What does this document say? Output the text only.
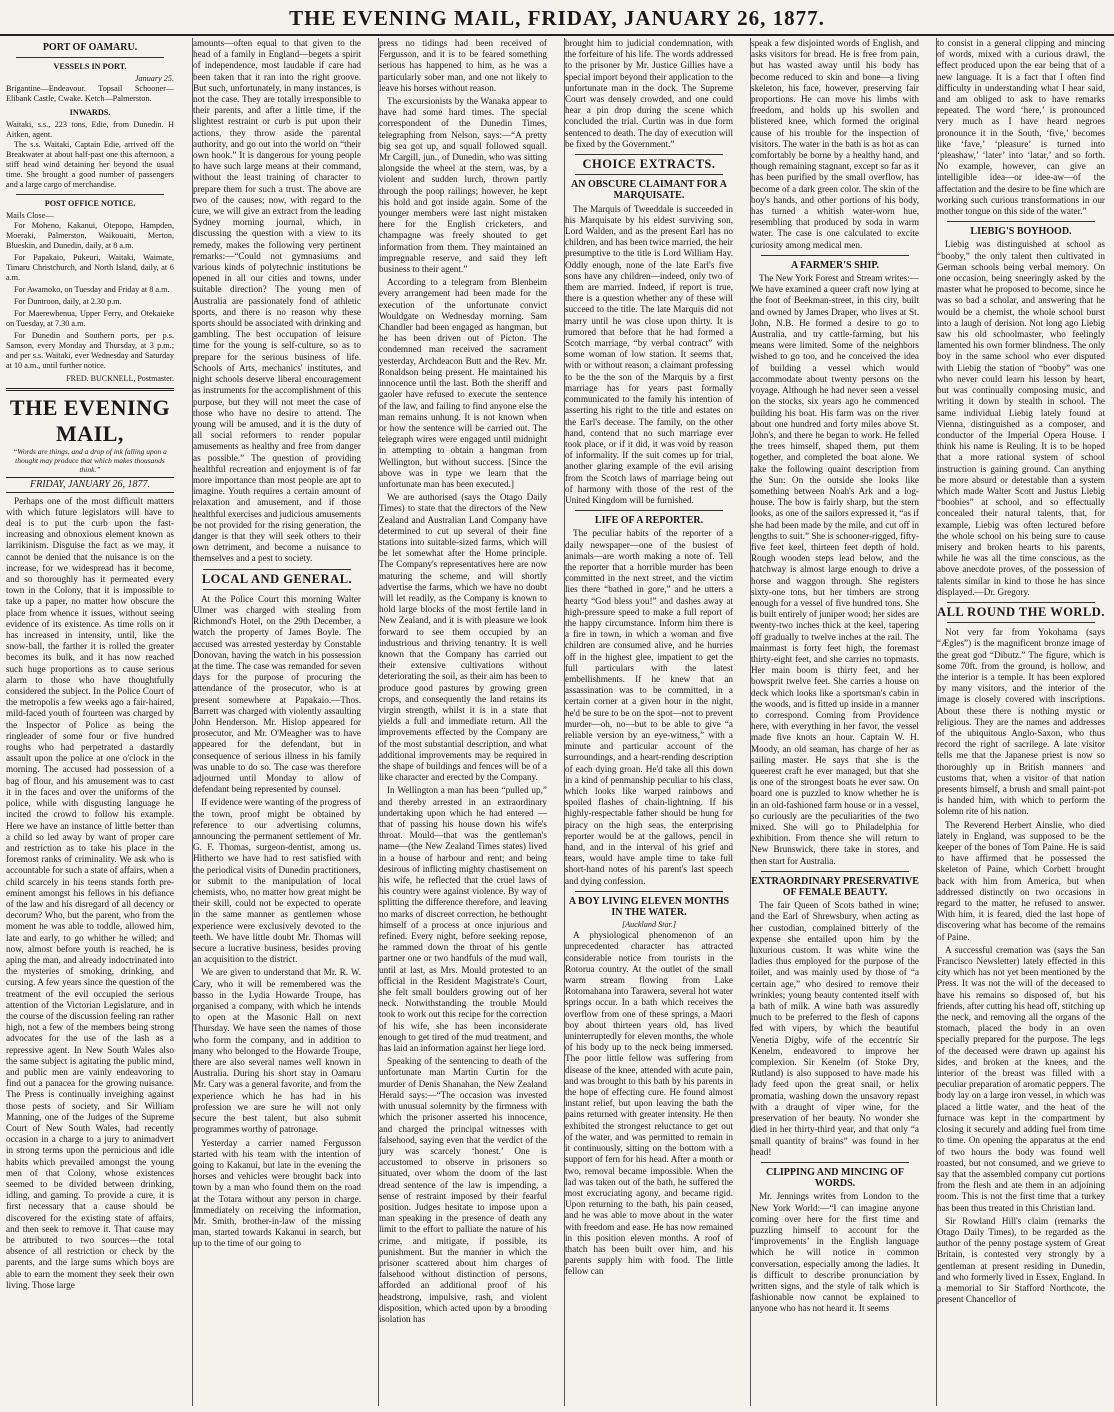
THE EVENING MAIL, FRIDAY, JANUARY 26, 1877.
PORT OF OAMARU.
VESSELS IN PORT.
January 25.
Brigantine—Endeavour. Topsail Schooner—Elibank Castle, Cwake. Ketch—Palmerston.
INWARDS.
Waitaki, s.s., 223 tons, Edie, from Dunedin. H Aitken, agent.

The s.s. Waitaki, Captain Edie, arrived off the Breakwater at about half-past one this afternoon, a stiff head wind detaining her beyond the usual time. She brought a good number of passengers and a large cargo of merchandise.

POST OFFICE NOTICE.
Mails Close—

For Moheno, Kakanui, Otepopo, Hampden, Moeraki, Palmerston, Waikouaiti, Merton, Blueskin, and Dunedin, daily, at 8 a.m.

For Papakaio, Pukeuri, Waitaki, Waimate, Timaru Christchurch, and North Island, daily, at 6 a.m.

For Awamoko, on Tuesday and Friday at 8 a.m.

For Duntroon, daily, at 2.30 p.m.

For Maerewhenua, Upper Ferry, and Otekaieke on Tuesday, at 7.30 a.m.

For Dunedin and Southern ports, per p.s. Samson, every Monday and Thursday, at 3 p.m.; and per s.s. Waitaki, ever Wednesday and Saturday at 10 a.m., until further notice.

FRED. BUCKNELL, Postmaster.
THE EVENING MAIL,
“Words are things, and a drop of ink falling upon a thought may produce that which makes thousands think.”
FRIDAY, JANUARY 26, 1877.

Perhaps one of the most difficult matters with which future legislators will have to deal is to put the curb upon the fast-increasing and obnoxious element known as larrikinism. Disguise the fact as we may, it cannot be denied that the nuisance is on the increase, for we widespread has it become, and so thoroughly has it permeated every town in the Colony, that it is impossible to take up a paper, no matter how obscure the place from whence it issues, without seeing evidence of its existence. As time rolls on it has increased in intensity, until, like the snow-ball, the farther it is rolled the greater becomes its bulk, and it has now reached such huge proportions as to cause serious alarm to those who have thoughtfully considered the subject. In the Police Court of the metropolis a few weeks ago a fair-haired, mild-faced youth of fourteen was charged by the Inspector of Police as being the ringleader of some four or five hundred roughs who had perpetrated a dastardly assault upon the police at one o'clock in the morning. The accused had possession of a bag of flour, and his amusement was to cast it in the faces and over the uniforms of the police, while with disgusting language he incited the crowd to follow his example. Here we have an instance of little better than a child so led away by want of proper care and restriction as to take his place in the foremost ranks of criminality. We ask who is accountable for such a state of affairs, when a child scarcely in his teens stands forth pre-eminent amongst his fellows in his defiance of the law and his disregard of all decency or decorum? Who, but the parent, who from the moment he was able to toddle, allowed him, late and early, to go whither he willed; and now, almost before youth is reached, he is aping the man, and already indoctrinated into the mysteries of smoking, drinking, and cursing. A few years since the question of the treatment of the evil occupied the serious attention of the Victorian Legislature, and in the course of the discussion feeling ran rather high, not a few of the members being strong advocates for the use of the lash as a repressive agent. In New South Wales also the same subject is agitating the public mind, and public men are vainly endeavoring to find out a panacea for the growing nuisance. The Press is continually inveighing against those pests of society, and Sir William Manning, one of the Judges of the Supreme Court of New South Wales, had recently occasion in a charge to a jury to animadvert in strong terms upon the pernicious and idle habits which prevailed amongst the young men of that Colony, whose existences seemed to be divided between drinking, idling, and gaming. To provide a cure, it is first necessary that a cause should be discovered for the existing state of affairs, and then seek to remove it. That cause may be attributed to two sources—the total absence of all restriction or check by the parents, and the large sums which boys are able to earn the moment they seek their own living. Those large

amounts—often equal to that given to the head of a family in England—begets a spirit of independence, most laudable if care had been taken that it ran into the right groove. But such, unfortunately, in many instances, is not the case. They are totally irresponsible to their parents, and after a little time, if the slightest restraint or curb is put upon their actions, they throw aside the parental authority, and go out into the world on “their own hook.” It is dangerous for young people to have such large means at their command, without the least training of character to prepare them for such a trust. The above are two of the causes; now, with regard to the cure, we will give an extract from the leading Sydney morning journal, which, in discussing the question with a view to its remedy, makes the following very pertinent remarks:—“Could not gymnasiums and various kinds of polytechnic institutions be opened in all our cities and towns, under suitable direction? The young men of Australia are passionately fond of athletic sports, and there is no reason why these sports should be associated with drinking and gambling. The best occupation of leisure time for the young is self-culture, so as to prepare for the serious business of life. Schools of Arts, mechanics' institutes, and night schools deserve liberal encouragement as instruments for the accomplishment of this purpose, but they will not meet the case of those who have no desire to attend. The young will be amused, and it is the duty of all social reformers to render popular amusements as healthy and free from danger as possible.” The question of providing healthful recreation and enjoyment is of far more importance than most people are apt to imagine. Youth requires a certain amount of relaxation and amusement, and if those healthful exercises and judicious amusements be not provided for the rising generation, the danger is that they will seek others to their own detriment, and become a nuisance to themselves and a pest to society.

LOCAL AND GENERAL.

At the Police Court this morning Walter Ulmer was charged with stealing from Richmond's Hotel, on the 29th December, a watch the property of James Boyle. The accused was arrested yesterday by Constable Donovan, having the watch in his possession at the time. The case was remanded for seven days for the purpose of procuring the attendance of the prosecutor, who is at present somewhere at Papakaio.—Thos. Barrett was charged with violently assaulting John Henderson. Mr. Hislop appeared for prosecutor, and Mr. O'Meagher was to have appeared for the defendant, but in consequence of serious illness in his family was unable to do so. The case was therefore adjourned until Monday to allow of defendant being represented by counsel.

If evidence were wanting of the progress of the town, proof might be obtained by reference to our advertising columns, announcing the permanent settlement of Mr. G. F. Thomas, surgeon-dentist, among us. Hitherto we have had to rest satisfied with the periodical visits of Dunedin practitioners, or submit to the manipulation of local chemists, who, no matter how great might be their skill, could not be expected to operate in the same manner as gentlemen whose experience were exclusively devoted to the teeth. We have little doubt Mr. Thomas will secure a lucrative business, besides proving an acquisition to the district.

We are given to understand that Mr. R. W. Cary, who it will be remembered was the basso in the Lydia Howarde Troupe, has organised a company, with which he intends to open at the Masonic Hall on next Thursday. We have seen the names of those who form the company, and in addition to many who belonged to the Howarde Troupe, there are also several names well known in Australia. During his short stay in Oamaru Mr. Cary was a general favorite, and from the experience which he has had in his profession we are sure he will not only secure the best talent, but also submit programmes worthy of patronage.

Yesterday a carrier named Fergusson started with his team with the intention of going to Kakanui, but late in the evening the horses and vehicles were brought back into town by a man who found them on the road at the Totara without any person in charge. Immediately on receiving the information, Mr. Smith, brother-in-law of the missing man, started towards Kakanui in search, but up to the time of our going to

press no tidings had been received of Fergusson, and it is to be feared something serious has happened to him, as he was a particularly sober man, and one not likely to leave his horses without reason.

The excursionists by the Wanaka appear to have had some hard times. The special correspondent of the Dunedin Times, telegraphing from Nelson, says:—“A pretty big sea got up, and squall followed squall. Mr Cargill, jun., of Dunedin, who was sitting alongside the wheel at the stern, was, by a violent and sudden lurch, thrown partly through the poop railings; however, he kept his hold and got inside again. Some of the younger members were last night mistaken here for the English cricketers, and champagne was freely shouted to get information from them. They maintained an impregnable reserve, and said they left business to their agent.”

According to a telegram from Blenheim every arrangement had been made for the execution of the unfortunate convict Wouldgate on Wednesday morning. Sam Chandler had been engaged as hangman, but he has been driven out of Picton. The condemned man received the sacrament yesterday, Archdeacon Butt and the Rev. Mr. Ronaldson being present. He maintained his innocence until the last. Both the sheriff and gaoler have refused to execute the sentence of the law, and failing to find anyone else the man remains unhung. It is not known when or how the sentence will be carried out. The telegraph wires were engaged until midnight in attempting to obtain a hangman from Wellington, but without success. [Since the above was in type we learn that the unfortunate man has been executed.]

We are authorised (says the Otago Daily Times) to state that the directors of the New Zealand and Australian Land Company have determined to cut up several of their fine stations into suitable-sized farms, which will be let somewhat after the Home principle. The Company's representatives here are now maturing the scheme, and will shortly advertise the farms, which we have no doubt will let readily, as the Company is known to hold large blocks of the most fertile land in New Zealand, and it is with pleasure we look forward to see them occupied by an industrious and thriving tenantry. It is well known that the Company has carried out their extensive cultivations without deteriorating the soil, as their aim has been to produce good pastures by growing green crops, and consequently the land retains its virgin strength, whilst it is in a state that yields a full and immediate return. All the improvements effected by the Company are of the most substantial description, and what additional improvements may be required in the shape of buildings and fences will be of a like character and erected by the Company.

In Wellington a man has been “pulled up,” and thereby arrested in an extraordinary undertaking upon which he had entered —that of passing his house down his wife's throat. Mould—that was the gentleman's name—(the New Zealand Times states) lived in a house of harbour and rent; and being desirous of inflicting mighty chastisement on his wife, he reflected that the cruel laws of his country were against violence. By way of splitting the difference therefore, and leaving no marks of discreet correction, he bethought himself of a process at once injurious and refined. Every night, before seeking repose, he rammed down the throat of his gentle partner one or two handfuls of the mud wall, until at last, as Mrs. Mould protested to an official in the Resident Magistrate's Court, she felt small boulders growing out of her neck. Notwithstanding the trouble Mould took to work out this recipe for the correction of his wife, she has been inconsiderate enough to get tired of the mud treatment, and has laid an information against her liege lord.

Speaking of the sentencing to death of the unfortunate man Martin Curtin for the murder of Denis Shanahan, the New Zealand Herald says:—“The occasion was invested with unusual solemnity by the firmness with which the prisoner asserted his innocence, and charged the principal witnesses with falsehood, saying even that the verdict of the jury was scarcely ‘honest.’ One is accustomed to observe in prisoners so situated, over whom the doom of the last dread sentence of the law is impending, a sense of restraint imposed by their fearful position. Judges hesitate to impose upon a man speaking in the presence of death any limit to the effort to palliate the nature of his crime, and mitigate, if possible, its punishment. But the manner in which the prisoner scattered about him charges of falsehood without distinction of persons, afforded an additional proof of his headstrong, impulsive, rash, and violent disposition, which acted upon by a brooding isolation has

brought him to judicial condemnation, with the forfeiture of his life. The words addressed to the prisoner by Mr. Justice Gillies have a special import beyond their application to the unfortunate man in the dock. The Supreme Court was densely crowded, and one could hear a pin drop during the scene which concluded the trial. Curtin was in due form sentenced to death. The day of execution will be fixed by the Government.”

CHOICE EXTRACTS.
AN OBSCURE CLAIMANT FOR A MARQUISATE.

The Marquis of Tweeddale is succeeded in his Marquisate by his eldest surviving son, Lord Walden, and as the present Earl has no children, and has been twice married, the heir presumptive to the title is Lord William Hay. Oddly enough, none of the late Earl's five sons have any children—indeed, only two of them are married. Indeed, if report is true, there is a question whether any of these will succeed to the title. The late Marquis did not marry until he was close upon thirty. It is rumored that before that he had formed a Scotch marriage, “by verbal contract” with some woman of low station. It seems that, with or without reason, a claimant professing to be the the son of the Marquis by a first marriage has for years past formally communicated to the family his intention of asserting his right to the title and estates on the Earl's decease. The family, on the other hand, contend that no such marriage ever took place, or if it did, it was void by reason of informality. If the suit comes up for trial, another glaring example of the evil arising from the Scotch laws of marriage being out of harmony with those of the rest of the United Kingdom will be furnished.

LIFE OF A REPORTER.

The peculiar habits of the reporter of a daily newspaper—one of the busiest of animals—are worth making a note of. Tell the reporter that a horrible murder has been committed in the next street, and the victim lies there “bathed in gore,” and he utters a hearty “God bless you!” and dashes away at high-pressure speed to make a full report of the happy circumstance. Inform him there is a fire in town, in which a woman and five children are consumed alive, and he hurries off in the highest glee, impatient to get the full particulars with the latest embellishments. If he knew that an assassination was to be committed, in a certain corner at a given hour in the night, he'd be sure to be on the spot—not to prevent murder—oh, no—but to be able to give “a reliable version by an eye-witness,” with a minute and particular account of the surroundings, and a heart-rending description of each dying groan. He'd take all this down in a kind of penmanship peculiar to his class, which looks like warped rainbows and spoiled flashes of chain-lightning. If his highly-respectable father should be hung for piracy on the high seas, the enterprising reporter would be at the gallows, pencil in hand, and in the interval of his grief and tears, would have ample time to take full short-hand notes of his parent's last speech and dying confession.

A BOY LIVING ELEVEN MONTHS IN THE WATER.
[Auckland Star.]

A physiological phenomenon of an unprecedented character has attracted considerable notice from tourists in the Rotorua country. At the outlet of the small warm stream flowing from Lake Rotomahana into Tarawera, several hot water springs occur. In a bath which receives the overflow from one of these springs, a Maori boy about thirteen years old, has lived uninterruptedly for eleven months, the whole of his body up to the neck being immersed. The poor little fellow was suffering from disease of the knee, attended with acute pain, and was brought to this bath by his parents in the hope of effecting cure. He found almost instant relief, but upon leaving the bath the pains returned with greater intensity. He then exhibited the strongest reluctance to get out of the water, and was permitted to remain in it continuously, sitting on the bottom with a support of fern for his head. After a month or two, removal became impossible. When the lad was taken out of the bath, he suffered the most excruciating agony, and became rigid. Upon returning to the bath, his pain ceased, and he was able to move about in the water with freedom and ease. He has now remained in this position eleven months. A roof of thatch has been built over him, and his parents supply him with food. The little fellow can

speak a few disjointed words of English, and asks visitors for bread. He is free from pain, but has wasted away until his body has become reduced to skin and bone—a living skeleton, his face, however, preserving fair proportions. He can move his limbs with freedom, and holds up his swollen and blistered knee, which formed the original cause of his trouble for the inspection of visitors. The water in the bath is as hot as can comfortably be borne by a healthy hand, and though remaining stagnant, except so far as it has been purified by the small overflow, has become of a dark green color. The skin of the boy's hands, and other portions of his body, has turned a whitish water-worn hue, resembling that produced by soda in warm water. The case is one calculated to excite curiosity among medical men.

A FARMER'S SHIP.

The New York Forest and Stream writes:—We have examined a queer craft now lying at the foot of Beekman-street, in this city, built and owned by James Draper, who lives at St. John, N.B. He formed a desire to go to Australia, and try cattle-farming, but his means were limited. Some of the neighbors wished to go too, and he conceived the idea of building a vessel which would accommodate about twenty persons on the voyage. Although he had never seen a vessel on the stocks, six years ago he commenced building his boat. His farm was on the river about one hundred and forty miles above St. John's, and there he began to work. He felled the trees himself, shaped them, put them together, and completed the boat alone. We take the following quaint description from the Sun: On the outside she looks like something between Noah's Ark and a log-house. The bow is fairly sharp, but the stern looks, as one of the sailors expressed it, “as if she had been made by the mile, and cut off in lengths to suit.” She is schooner-rigged, fifty-five feet keel, thirteen feet depth of hold. Rough wooden steps lead below, and the hatchway is almost large enough to drive a horse and waggon through. She registers sixty-one tons, but her timbers are strong enough for a vessel of five hundred tons. She is built entirely of juniper wood; her sides are twenty-two inches thick at the keel, tapering off gradually to twelve inches at the rail. The mainmast is forty feet high, the foremast thirty-eight feet, and she carries no topmasts. Her main boom is thirty feet, and her bowsprit twelve feet. She carries a house on deck which looks like a sportsman's cabin in the woods, and is fitted up inside in a manner to correspond. Coming from Providence here, with everything in her favor, the vessel made five knots an hour. Captain W. H. Moody, an old seaman, has charge of her as sailing master. He says that she is the queerest craft he ever managed, but that she is one of the strongest boats he ever saw. On board one is puzzled to know whether he is in an old-fashioned farm house or in a vessel, so curiously are the peculiarities of the two mixed. She will go to Philadelphia for exhibition. From thence she will return to New Brunswick, there take in stores, and then start for Australia.

EXTRAORDINARY PRESERVATIVE OF FEMALE BEAUTY.

The fair Queen of Scots bathed in wine; and the Earl of Shrewsbury, when acting as her custodian, complained bitterly of the expense she entailed upon him by the luxurious custom. It was white wine the ladies thus employed for the purpose of the toilet, and was mainly used by those of “a certain age,” who desired to remove their wrinkles; young beauty contented itself with a bath of milk. A wine bath was assuredly much to be preferred to the flesh of capons fed with vipers, by which the beautiful Venetia Digby, wife of the eccentric Sir Kenelm, endeavored to improve her complexion. Sir Kenelm (of Stoke Dry, Rutland) is also supposed to have made his lady feed upon the great snail, or helix promatia, washing down the unsavory repast with a draught of viper wine, for the preservation of her beauty. No wonder she died in her thirty-third year, and that only “a small quantity of brains” was found in her head!

CLIPPING AND MINCING OF WORDS.

Mr. Jennings writes from London to the New York World:—“I can imagine anyone coming over here for the first time and puzzling himself to account for the ‘improvements’ in the English language which he will notice in common conversation, especially among the ladies. It is difficult to describe pronunciation by written signs, and the style of talk which is fashionable now cannot be explained to anyone who has not heard it. It seems

to consist in a general clipping and mincing of words, mixed with a curious drawl, the effect produced upon the ear being that of a new language. It is a fact that I often find difficulty in understanding what I hear said, and am obliged to ask to have remarks repeated. The word ‘here,’ is pronounced very much as I have heard negroes pronounce it in the South, ‘five,’ becomes like ‘fave,’ ‘pleasure’ is turned into ‘pleashaw,’ ‘later’ into ‘latar,’ and so forth. No example, however, can give an intelligible idea—or idee-aw—of the affectation and the desire to be fine which are working such curious transformations in our mother tongue on this side of the water.”

LIEBIG'S BOYHOOD.

Liebig was distinguished at school as “booby,” the only talent then cultivated in German schools being verbal memory. On one occasion, being sneeringly asked by the master what he proposed to become, since he was so bad a scholar, and answering that he would be a chemist, the whole school burst into a laugh of derision. Not long ago Liebig saw his old schoolmaster, who feelingly lamented his own former blindness. The only boy in the same school who ever disputed with Liebig the station of “booby” was one who never could learn his lesson by heart, but was continually composing music, and writing it down by stealth in school. The same individual Liebig lately found at Vienna, distinguished as a composer, and conductor of the Imperial Opera House. I think his name is Reuling. It is to be hoped that a more rational system of school instruction is gaining ground. Can anything be more absurd or detestable than a system which made Walter Scott and Justus Liebig “boobies” at school, and so effectually concealed their natural talents, that, for example, Liebig was often lectured before the whole school on his being sure to cause misery and broken hearts to his parents, while he was all the time conscious, as the above anecdote proves, of the possession of talents similar in kind to those he has since displayed.—Dr. Gregory.

ALL ROUND THE WORLD.

Not very far from Yokohama (says “Ægles”) is the magnificent bronze image of the great god “Dibutz.” The figure, which is some 70ft. from the ground, is hollow, and the interior is a temple. It has been explored by many visitors, and the interior of the image is closely covered with inscriptions. About these there is nothing mystic or religious. They are the names and addresses of the ubiquitous Anglo-Saxon, who thus record the right of sacrilege. A late visitor tells me that the Japanese priest is now so thoroughly up in British manners and customs that, when a visitor of that nation presents himself, a brush and small paint-pot is handed him, with which to perform the solemn rite of his nation.

The Reverend Herbert Ainslie, who died lately in England, was supposed to be the keeper of the bones of Tom Paine. He is said to have affirmed that he possessed the skeleton of Paine, which Corbett brought back with him from America, but when addressed distinctly on two occasions in regard to the matter, he refused to answer. With him, it is feared, died the last hope of discovering what has become of the remains of Paine.

A successful cremation was (says the San Francisco Newsletter) lately effected in this city which has not yet been mentioned by the Press. It was not the will of the deceased to have his remains so disposed of, but his friends, after cutting his head off, stitching up the neck, and removing all the organs of the stomach, placed the body in an oven specially prepared for the purpose. The legs of the deceased were drawn up against his sides, and broken at the knees, and the interior of the breast was filled with a peculiar preparation of aromatic peppers. The body lay on a large iron vessel, in which was placed a little water, and the heat of the furnace was kept in the compartment by closing it securely and adding fuel from time to time. On opening the apparatus at the end of two hours the body was found well roasted, but not consumed, and we grieve to say that the assembled company cut portions from the flesh and ate them in an adjoining room. This is not the first time that a turkey has been thus treated in this Christian land.

Sir Rowland Hill's claim (remarks the Otago Daily Times), to be regarded as the author of the penny postage system of Great Britain, is contested very strongly by a gentleman at present residing in Dunedin, and who formerly lived in Essex, England. In a memorial to Sir Stafford Northcote, the present Chancellor of
